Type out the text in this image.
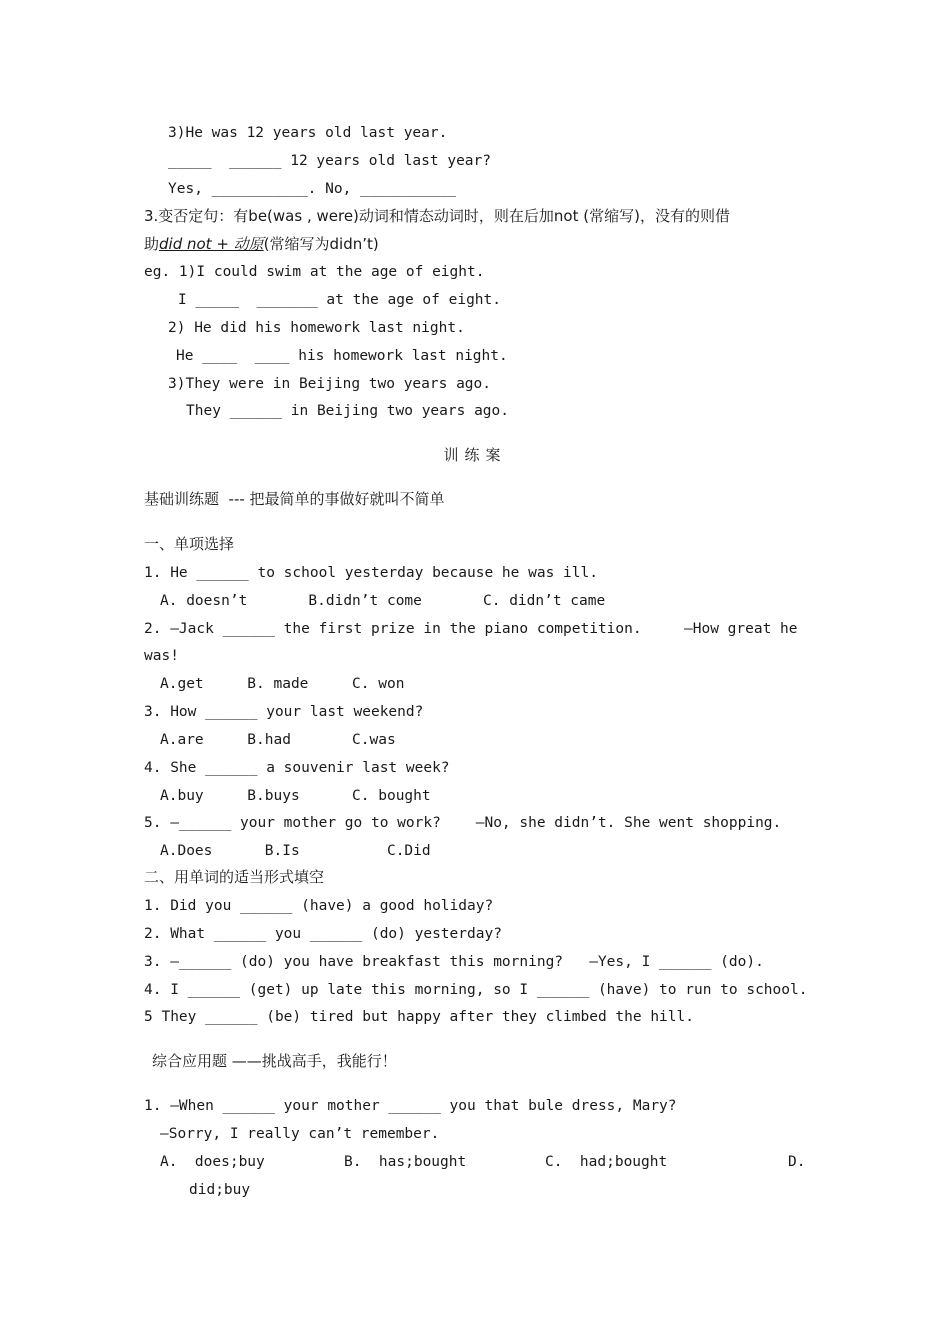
3)He was 12 years old last year.
_____  ______ 12 years old last year?
Yes, ___________. No, ___________
3.变否定句：有be(was , were)动词和情态动词时，则在后加not (常缩写)，没有的则借
助did not + 动原(常缩写为didn’t)
eg. 1)I could swim at the age of eight.
I _____  _______ at the age of eight.
2) He did his homework last night.
He ____  ____ his homework last night.
3)They were in Beijing two years ago.
They ______ in Beijing two years ago.
训练案
基础训练题  --- 把最简单的事做好就叫不简单
一、单项选择
1. He ______ to school yesterday because he was ill.
A. doesn’t       B.didn’t come       C. didn’t came
2. —Jack ______ the first prize in the piano competition.	—How great he
was!
A.get     B. made     C. won
3. How ______ your last weekend?
A.are     B.had       C.was
4. She ______ a souvenir last week?
A.buy     B.buys      C. bought
5. —______ your mother go to work?    —No, she didn’t. She went shopping.
A.Does      B.Is          C.Did
二、用单词的适当形式填空
1. Did you ______ (have) a good holiday?
2. What ______ you ______ (do) yesterday?
3. —______ (do) you have breakfast this morning?   —Yes, I ______ (do).
4. I ______ (get) up late this morning, so I ______ (have) to run to school.
5 They ______ (be) tired but happy after they climbed the hill.
综合应用题 ——挑战高手，我能行！
1. —When ______ your mother ______ you that bule dress, Mary?
—Sorry, I really can’t remember.
A.  does;buy	B.  has;bought	C.  had;bought	D.
did;buy
